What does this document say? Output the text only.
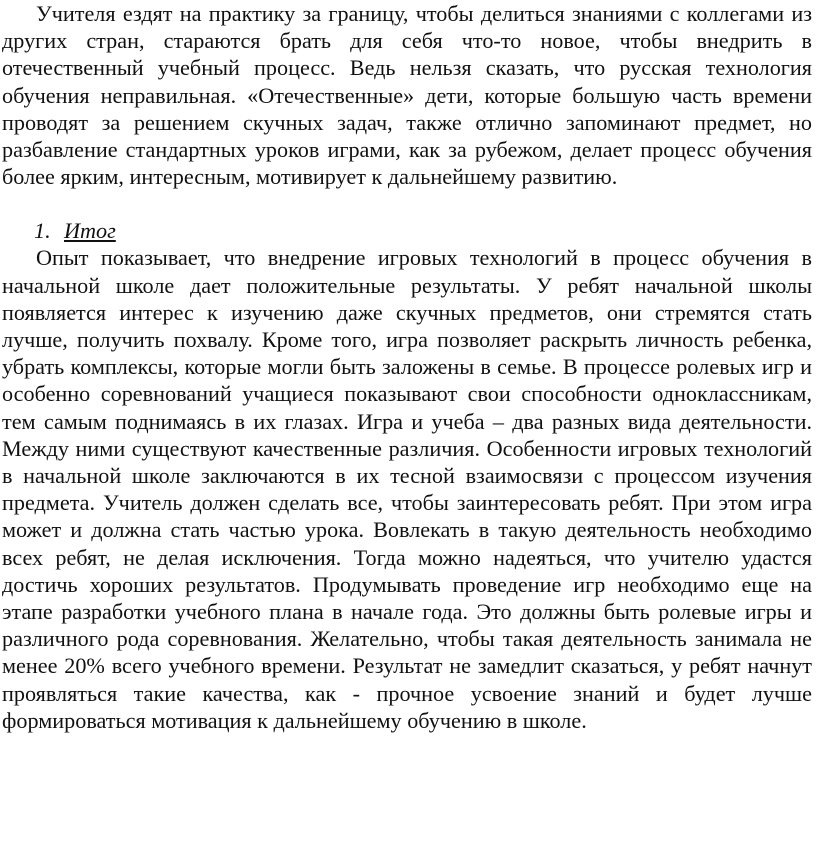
Учителя ездят на практику за границу, чтобы делиться знаниями с коллегами из других стран, стараются брать для себя что-то новое, чтобы внедрить в отечественный учебный процесс. Ведь нельзя сказать, что русская технология обучения неправильная. «Отечественные» дети, которые большую часть времени проводят за решением скучных задач, также отлично запоминают предмет, но разбавление стандартных уроков играми, как за рубежом, делает процесс обучения более ярким, интересным, мотивирует к дальнейшему развитию.

1. Итог

Опыт показывает, что внедрение игровых технологий в процесс обучения в начальной школе дает положительные результаты. У ребят начальной школы появляется интерес к изучению даже скучных предметов, они стремятся стать лучше, получить похвалу. Кроме того, игра позволяет раскрыть личность ребенка, убрать комплексы, которые могли быть заложены в семье. В процессе ролевых игр и особенно соревнований учащиеся показывают свои способности одноклассникам, тем самым поднимаясь в их глазах. Игра и учеба – два разных вида деятельности. Между ними существуют качественные различия. Особенности игровых технологий в начальной школе заключаются в их тесной взаимосвязи с процессом изучения предмета. Учитель должен сделать все, чтобы заинтересовать ребят. При этом игра может и должна стать частью урока. Вовлекать в такую деятельность необходимо всех ребят, не делая исключения. Тогда можно надеяться, что учителю удастся достичь хороших результатов. Продумывать проведение игр необходимо еще на этапе разработки учебного плана в начале года. Это должны быть ролевые игры и различного рода соревнования. Желательно, чтобы такая деятельность занимала не менее 20% всего учебного времени. Результат не замедлит сказаться, у ребят начнут проявляться такие качества, как - прочное усвоение знаний и будет лучше формироваться мотивация к дальнейшему обучению в школе.
